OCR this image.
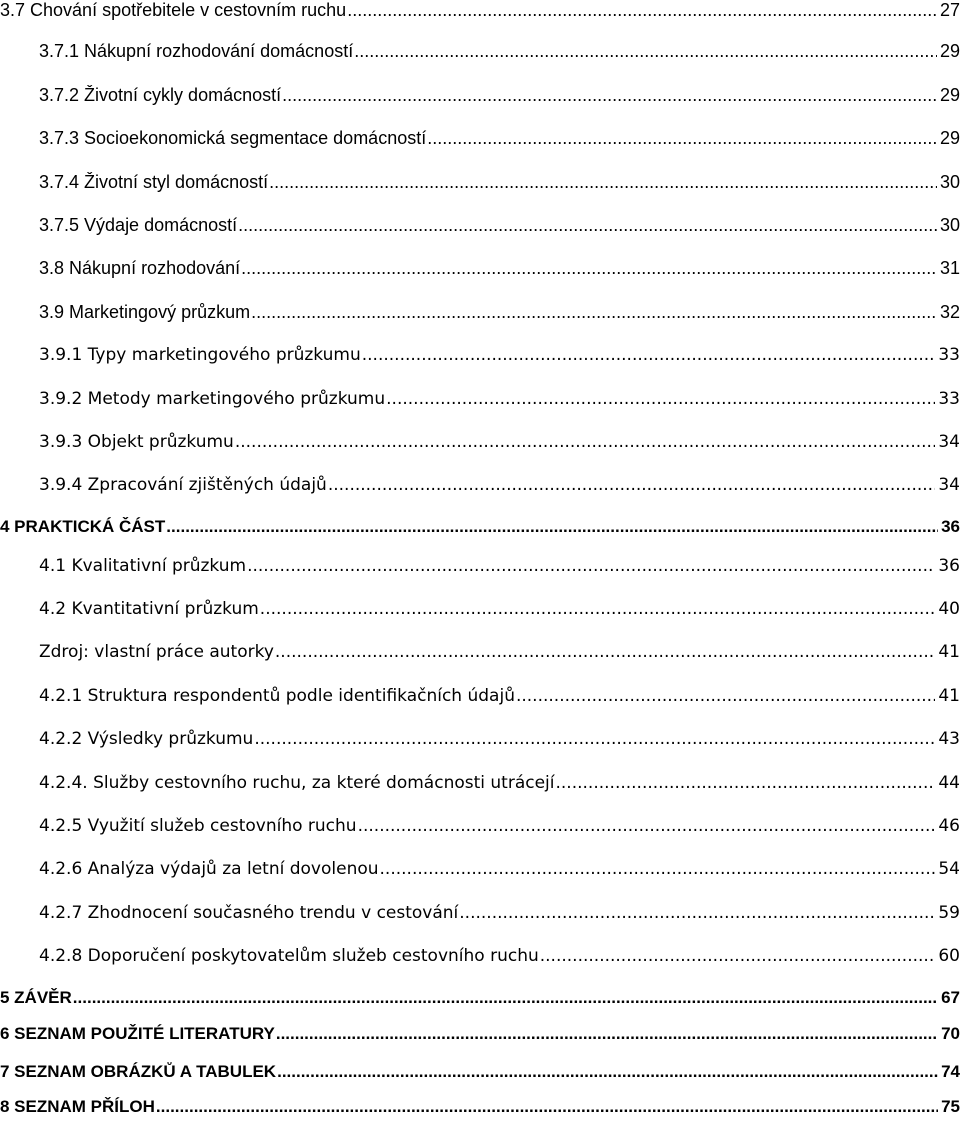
3.7 Chování spotřebitele v cestovním ruchu .....	27
3.7.1 Nákupní rozhodování domácností .....	29
3.7.2 Životní cykly domácností .....	29
3.7.3 Socioekonomická segmentace domácností .....	29
3.7.4 Životní styl domácností .....	30
3.7.5 Výdaje domácností .....	30
3.8 Nákupní rozhodování .....	31
3.9 Marketingový průzkum .....	32
3.9.1 Typy marketingového průzkumu .....	33
3.9.2 Metody marketingového průzkumu .....	33
3.9.3 Objekt průzkumu .....	34
3.9.4 Zpracování zjištěných údajů .....	34
4 PRAKTICKÁ ČÁST .....	36
4.1 Kvalitativní průzkum .....	36
4.2 Kvantitativní průzkum .....	40
Zdroj: vlastní práce autorky .....	41
4.2.1 Struktura respondentů podle identifikačních údajů .....	41
4.2.2 Výsledky průzkumu .....	43
4.2.4. Služby cestovního ruchu, za které domácnosti utrácejí .....	44
4.2.5 Využití služeb cestovního ruchu .....	46
4.2.6 Analýza výdajů za letní dovolenou .....	54
4.2.7 Zhodnocení současného trendu v cestování .....	59
4.2.8 Doporučení poskytovatelům služeb cestovního ruchu .....	60
5 ZÁVĚR .....	67
6 SEZNAM POUŽITÉ LITERATURY .....	70
7 SEZNAM OBRÁZKŮ A TABULEK .....	74
8 SEZNAM PŘÍLOH .....	75
